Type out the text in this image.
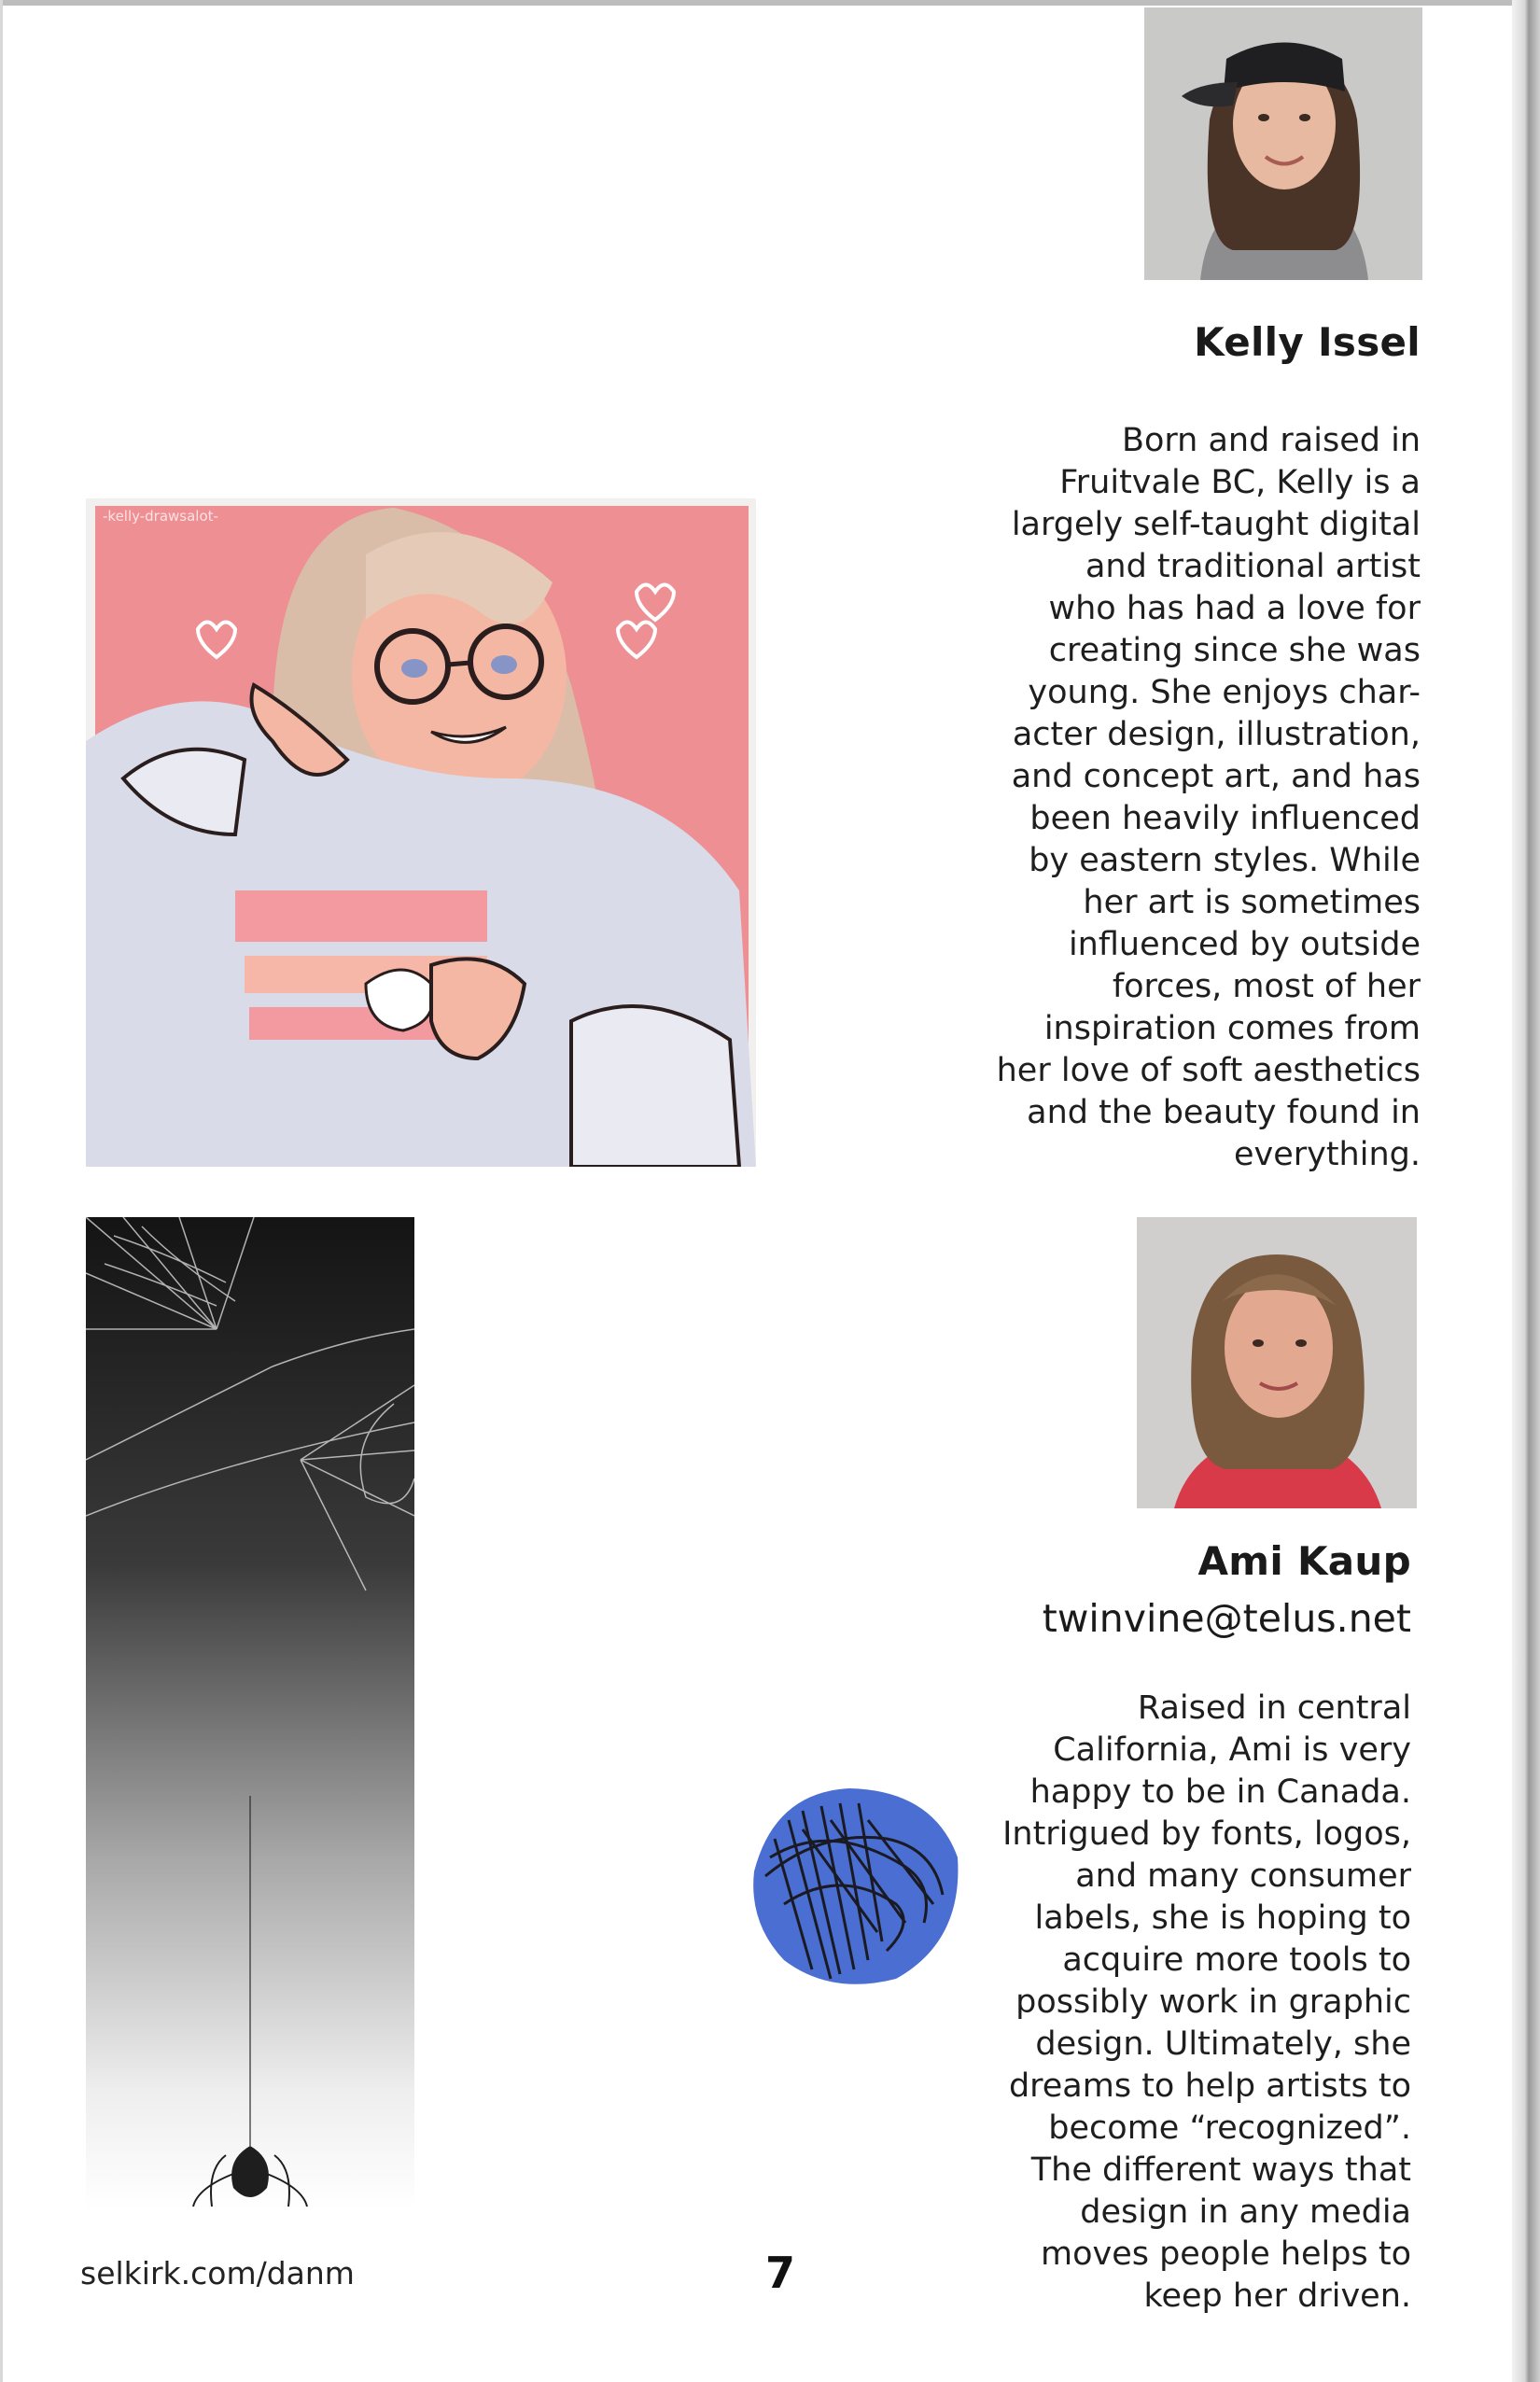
Kelly Issel
Born and raised in
Fruitvale BC, Kelly is a
largely self-taught digital
and traditional artist
who has had a love for
creating since she was
young. She enjoys char-
acter design, illustration,
and concept art, and has
been heavily influenced
by eastern styles. While
her art is sometimes
influenced by outside
forces, most of her
inspiration comes from
her love of soft aesthetics
and the beauty found in
everything.
-kelly-drawsalot-
Ami Kaup
twinvine@telus.net
Raised in central
California, Ami is very
happy to be in Canada.
Intrigued by fonts, logos,
and many consumer
labels, she is hoping to
acquire more tools to
possibly work in graphic
design. Ultimately, she
dreams to help artists to
become “recognized”.
The different ways that
design in any media
moves people helps to
keep her driven.
selkirk.com/danm	7
